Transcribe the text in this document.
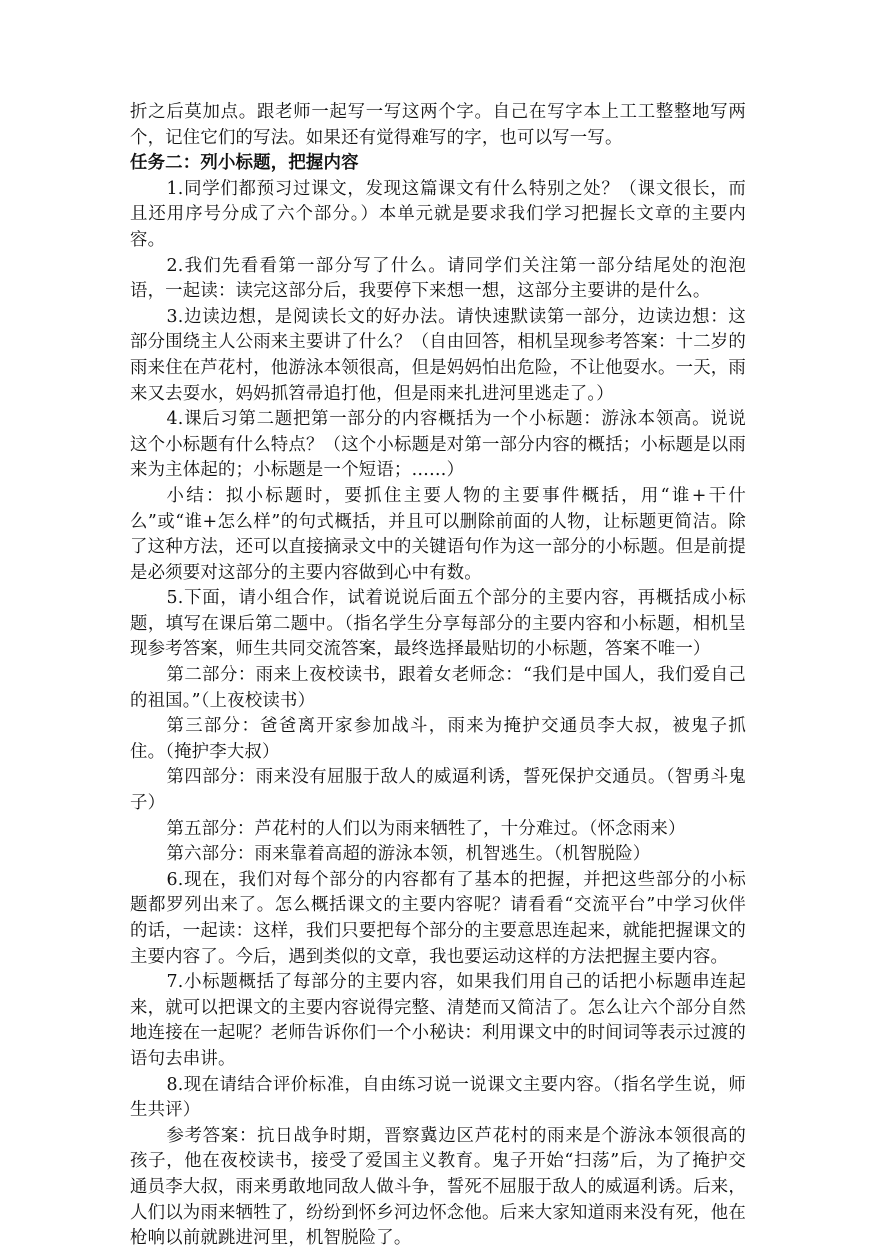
折之后莫加点。跟老师一起写一写这两个字。自己在写字本上工工整整地写两个，记住它们的写法。如果还有觉得难写的字，也可以写一写。

任务二：列小标题，把握内容

1.同学们都预习过课文，发现这篇课文有什么特别之处？（课文很长，而且还用序号分成了六个部分。）本单元就是要求我们学习把握长文章的主要内容。

2.我们先看看第一部分写了什么。请同学们关注第一部分结尾处的泡泡语，一起读：读完这部分后，我要停下来想一想，这部分主要讲的是什么。

3.边读边想，是阅读长文的好办法。请快速默读第一部分，边读边想：这部分围绕主人公雨来主要讲了什么？（自由回答，相机呈现参考答案：十二岁的雨来住在芦花村，他游泳本领很高，但是妈妈怕出危险，不让他耍水。一天，雨来又去耍水，妈妈抓笤帚追打他，但是雨来扎进河里逃走了。）

4.课后习第二题把第一部分的内容概括为一个小标题：游泳本领高。说说这个小标题有什么特点？（这个小标题是对第一部分内容的概括；小标题是以雨来为主体起的；小标题是一个短语；……）

小结：拟小标题时，要抓住主要人物的主要事件概括，用“谁+干什么”或“谁+怎么样”的句式概括，并且可以删除前面的人物，让标题更简洁。除了这种方法，还可以直接摘录文中的关键语句作为这一部分的小标题。但是前提是必须要对这部分的主要内容做到心中有数。

5.下面，请小组合作，试着说说后面五个部分的主要内容，再概括成小标题，填写在课后第二题中。（指名学生分享每部分的主要内容和小标题，相机呈现参考答案，师生共同交流答案，最终选择最贴切的小标题，答案不唯一）

第二部分：雨来上夜校读书，跟着女老师念：“我们是中国人，我们爱自己的祖国。”（上夜校读书）

第三部分：爸爸离开家参加战斗，雨来为掩护交通员李大叔，被鬼子抓住。（掩护李大叔）

第四部分：雨来没有屈服于敌人的威逼利诱，誓死保护交通员。（智勇斗鬼子）

第五部分：芦花村的人们以为雨来牺牲了，十分难过。（怀念雨来）

第六部分：雨来靠着高超的游泳本领，机智逃生。（机智脱险）

6.现在，我们对每个部分的内容都有了基本的把握，并把这些部分的小标题都罗列出来了。怎么概括课文的主要内容呢？请看看“交流平台”中学习伙伴的话，一起读：这样，我们只要把每个部分的主要意思连起来，就能把握课文的主要内容了。今后，遇到类似的文章，我也要运动这样的方法把握主要内容。

7.小标题概括了每部分的主要内容，如果我们用自己的话把小标题串连起来，就可以把课文的主要内容说得完整、清楚而又简洁了。怎么让六个部分自然地连接在一起呢？老师告诉你们一个小秘诀：利用课文中的时间词等表示过渡的语句去串讲。

8.现在请结合评价标准，自由练习说一说课文主要内容。（指名学生说，师生共评）

参考答案：抗日战争时期，晋察冀边区芦花村的雨来是个游泳本领很高的孩子，他在夜校读书，接受了爱国主义教育。鬼子开始“扫荡”后，为了掩护交通员李大叔，雨来勇敢地同敌人做斗争，誓死不屈服于敌人的威逼利诱。后来，人们以为雨来牺牲了，纷纷到怀乡河边怀念他。后来大家知道雨来没有死，他在枪响以前就跳进河里，机智脱险了。
